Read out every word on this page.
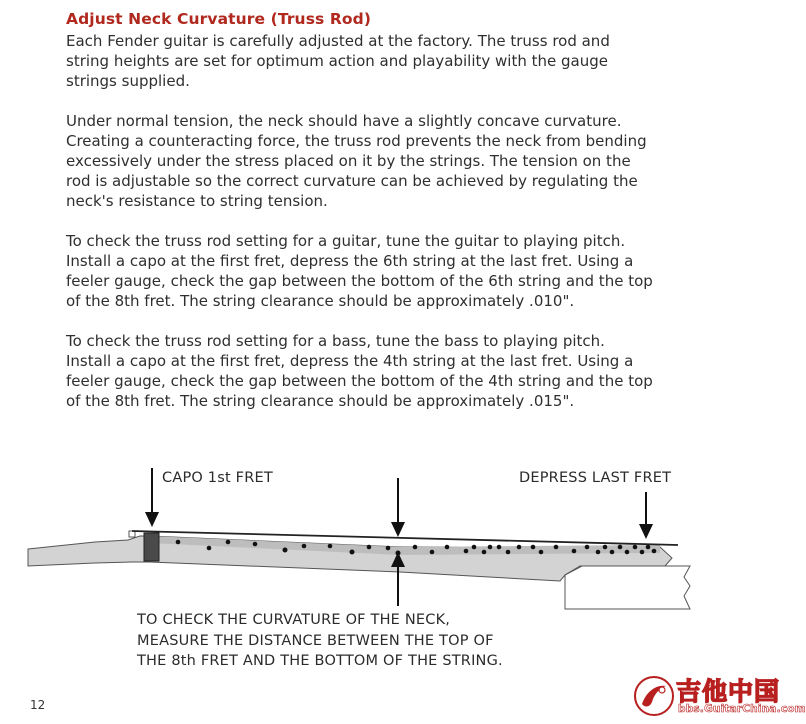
Adjust Neck Curvature (Truss Rod)

Each Fender guitar is carefully adjusted at the factory. The truss rod and
string heights are set for optimum action and playability with the gauge
strings supplied.

Under normal tension, the neck should have a slightly concave curvature.
Creating a counteracting force, the truss rod prevents the neck from bending
excessively under the stress placed on it by the strings. The tension on the
rod is adjustable so the correct curvature can be achieved by regulating the
neck's resistance to string tension.

To check the truss rod setting for a guitar, tune the guitar to playing pitch.
Install a capo at the first fret, depress the 6th string at the last fret. Using a
feeler gauge, check the gap between the bottom of the 6th string and the top
of the 8th fret. The string clearance should be approximately .010".

To check the truss rod setting for a bass, tune the bass to playing pitch.
Install a capo at the first fret, depress the 4th string at the last fret. Using a
feeler gauge, check the gap between the bottom of the 4th string and the top
of the 8th fret. The string clearance should be approximately .015".

CAPO 1st FRET	DEPRESS LAST FRET
TO CHECK THE CURVATURE OF THE NECK,
MEASURE THE DISTANCE BETWEEN THE TOP OF
THE 8th FRET AND THE BOTTOM OF THE STRING.
12	吉他中国
bbs.GuitarChina.com
